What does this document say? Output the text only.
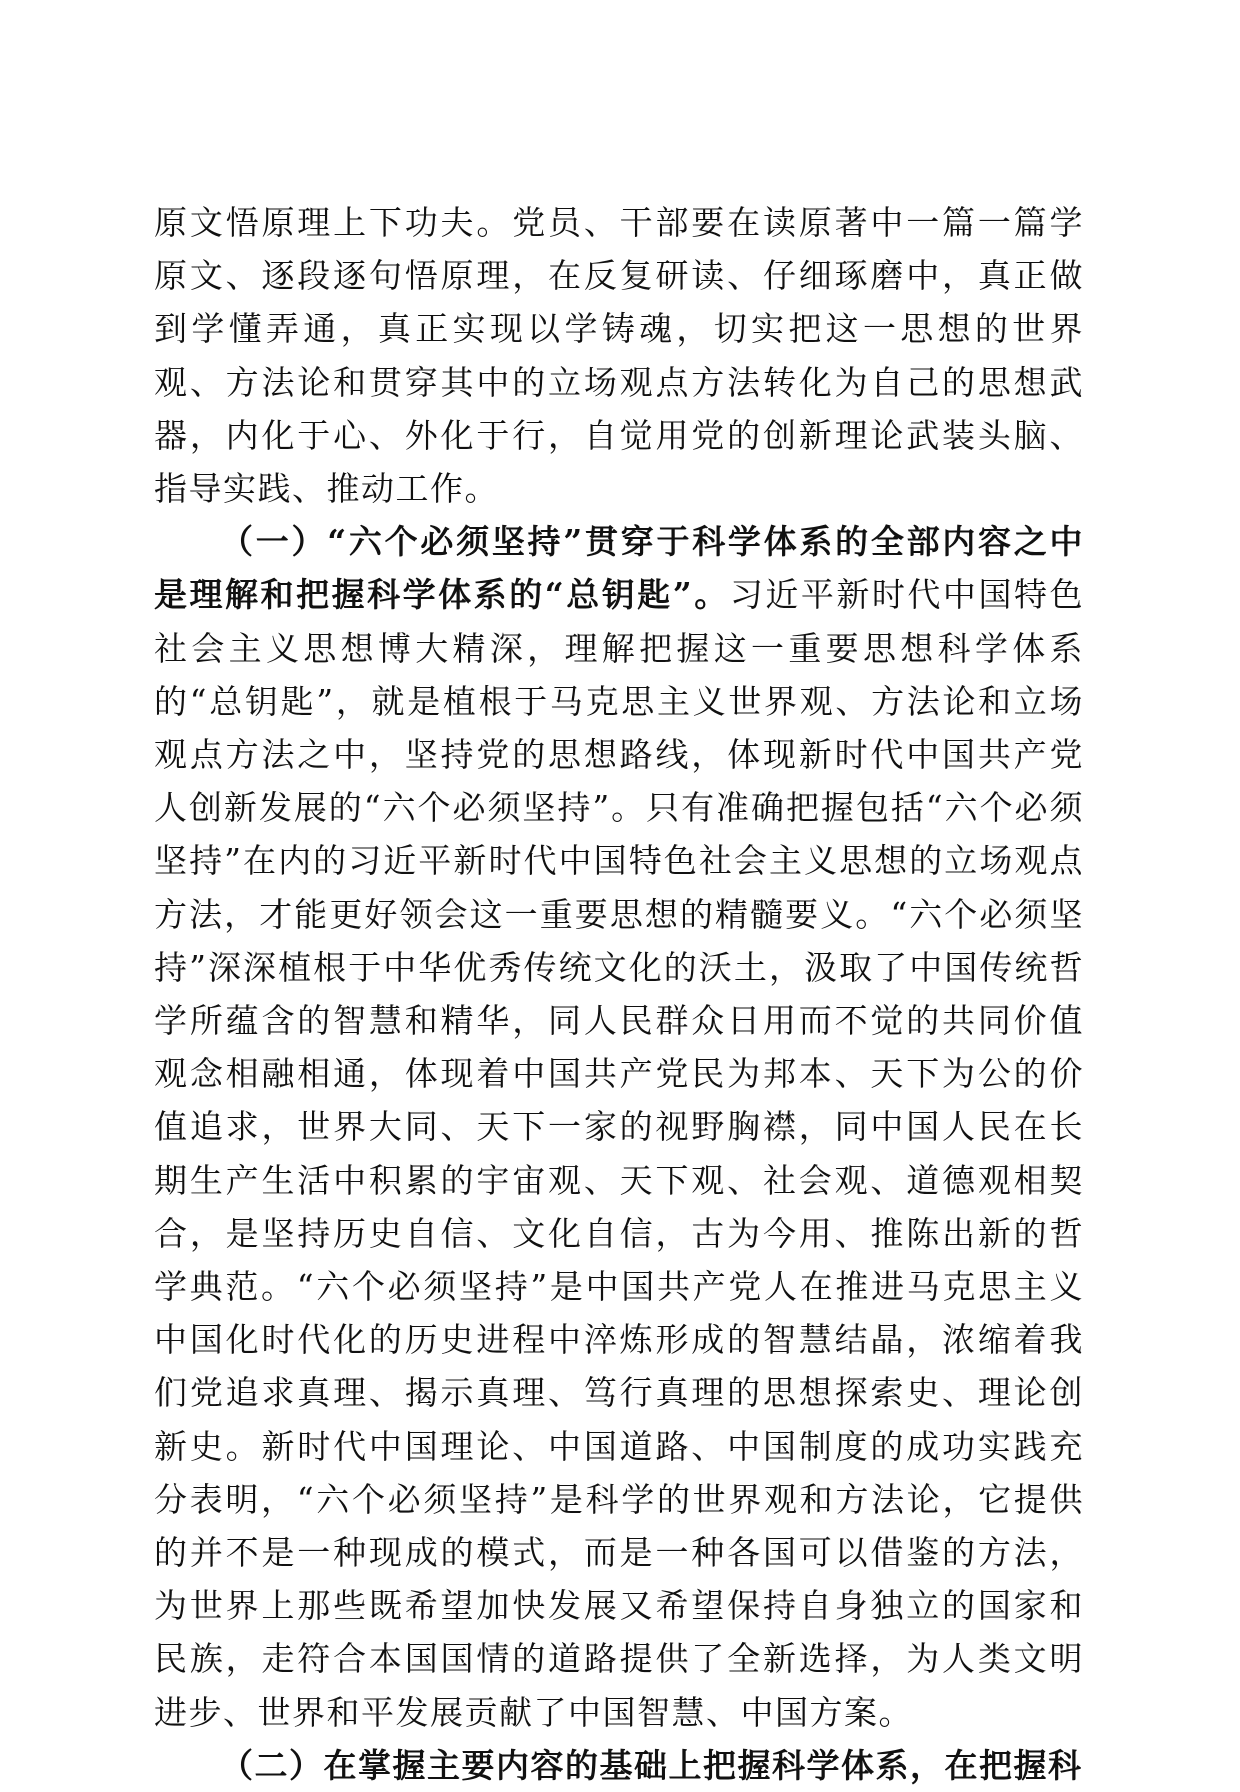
原文悟原理上下功夫。党员、干部要在读原著中一篇一篇学原文、逐段逐句悟原理，在反复研读、仔细琢磨中，真正做到学懂弄通，真正实现以学铸魂，切实把这一思想的世界观、方法论和贯穿其中的立场观点方法转化为自己的思想武器，内化于心、外化于行，自觉用党的创新理论武装头脑、指导实践、推动工作。

（一）“六个必须坚持”贯穿于科学体系的全部内容之中是理解和把握科学体系的“总钥匙”。习近平新时代中国特色社会主义思想博大精深，理解把握这一重要思想科学体系的“总钥匙”，就是植根于马克思主义世界观、方法论和立场观点方法之中，坚持党的思想路线，体现新时代中国共产党人创新发展的“六个必须坚持”。只有准确把握包括“六个必须坚持”在内的习近平新时代中国特色社会主义思想的立场观点方法，才能更好领会这一重要思想的精髓要义。“六个必须坚持”深深植根于中华优秀传统文化的沃土，汲取了中国传统哲学所蕴含的智慧和精华，同人民群众日用而不觉的共同价值观念相融相通，体现着中国共产党民为邦本、天下为公的价值追求，世界大同、天下一家的视野胸襟，同中国人民在长期生产生活中积累的宇宙观、天下观、社会观、道德观相契合，是坚持历史自信、文化自信，古为今用、推陈出新的哲学典范。“六个必须坚持”是中国共产党人在推进马克思主义中国化时代化的历史进程中淬炼形成的智慧结晶，浓缩着我们党追求真理、揭示真理、笃行真理的思想探索史、理论创新史。新时代中国理论、中国道路、中国制度的成功实践充分表明，“六个必须坚持”是科学的世界观和方法论，它提供的并不是一种现成的模式，而是一种各国可以借鉴的方法，为世界上那些既希望加快发展又希望保持自身独立的国家和民族，走符合本国国情的道路提供了全新选择，为人类文明进步、世界和平发展贡献了中国智慧、中国方案。

（二）在掌握主要内容的基础上把握科学体系，在把握科
